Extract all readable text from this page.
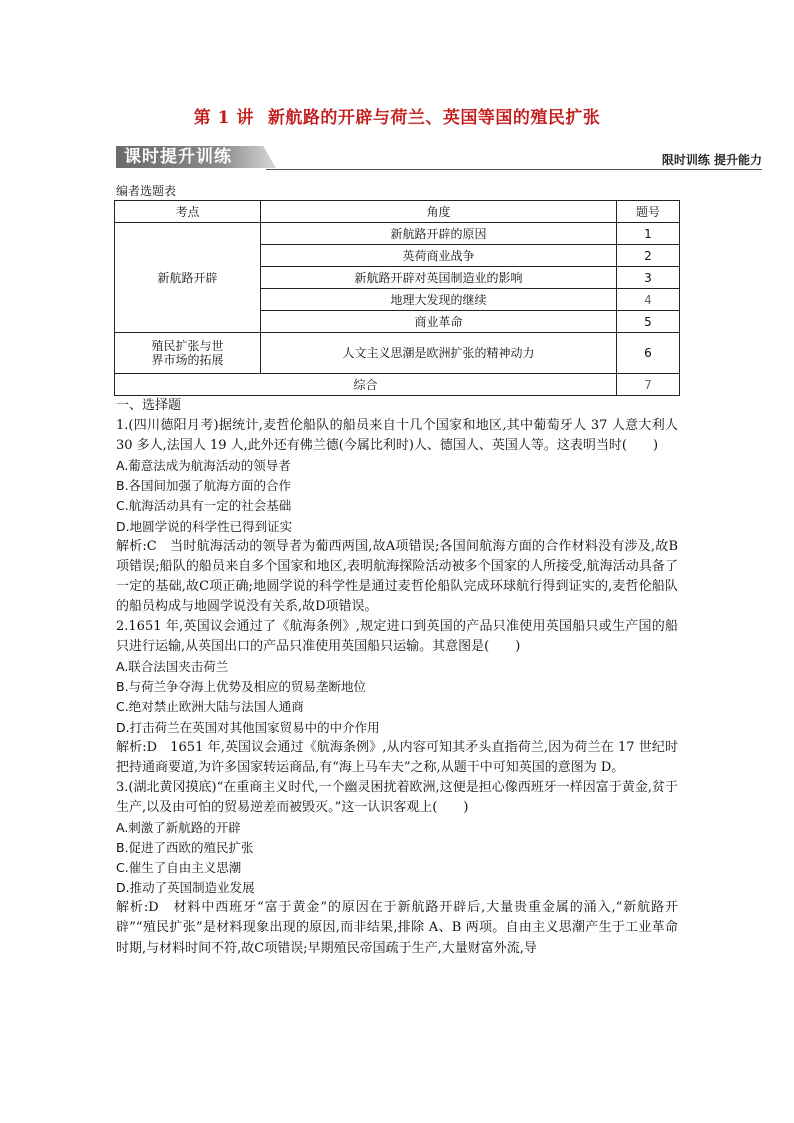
第 1 讲 新航路的开辟与荷兰、英国等国的殖民扩张
课时提升训练	限时训练 提升能力
编者选题表
考点	角度	题号
新航路开辟	新航路开辟的原因	1
	英荷商业战争	2
	新航路开辟对英国制造业的影响	3
	地理大发现的继续	4
	商业革命	5
殖民扩张与世
界市场的拓展	人文主义思潮是欧洲扩张的精神动力	6
综合		7

一、选择题

1.(四川德阳月考)据统计,麦哲伦船队的船员来自十几个国家和地区,其中葡萄牙人 37 人意大利人 30 多人,法国人 19 人,此外还有佛兰德(今属比利时)人、德国人、英国人等。这表明当时(　　)

A.葡意法成为航海活动的领导者

B.各国间加强了航海方面的合作

C.航海活动具有一定的社会基础

D.地圆学说的科学性已得到证实

解析:C　当时航海活动的领导者为葡西两国,故A项错误;各国间航海方面的合作材料没有涉及,故B项错误;船队的船员来自多个国家和地区,表明航海探险活动被多个国家的人所接受,航海活动具备了一定的基础,故C项正确;地圆学说的科学性是通过麦哲伦船队完成环球航行得到证实的,麦哲伦船队的船员构成与地圆学说没有关系,故D项错误。

2.1651 年,英国议会通过了《航海条例》,规定进口到英国的产品只准使用英国船只或生产国的船只进行运输,从英国出口的产品只准使用英国船只运输。其意图是(　　)

A.联合法国夹击荷兰

B.与荷兰争夺海上优势及相应的贸易垄断地位

C.绝对禁止欧洲大陆与法国人通商

D.打击荷兰在英国对其他国家贸易中的中介作用

解析:D　1651 年,英国议会通过《航海条例》,从内容可知其矛头直指荷兰,因为荷兰在 17 世纪时把持通商要道,为许多国家转运商品,有“海上马车夫”之称,从题干中可知英国的意图为 D。

3.(湖北黄冈摸底)“在重商主义时代,一个幽灵困扰着欧洲,这便是担心像西班牙一样因富于黄金,贫于生产,以及由可怕的贸易逆差而被毁灭。”这一认识客观上(　　)

A.刺激了新航路的开辟

B.促进了西欧的殖民扩张

C.催生了自由主义思潮

D.推动了英国制造业发展

解析:D　材料中西班牙“富于黄金”的原因在于新航路开辟后,大量贵重金属的涌入,“新航路开辟”“殖民扩张”是材料现象出现的原因,而非结果,排除 A、B 两项。自由主义思潮产生于工业革命时期,与材料时间不符,故C项错误;早期殖民帝国疏于生产,大量财富外流,导
